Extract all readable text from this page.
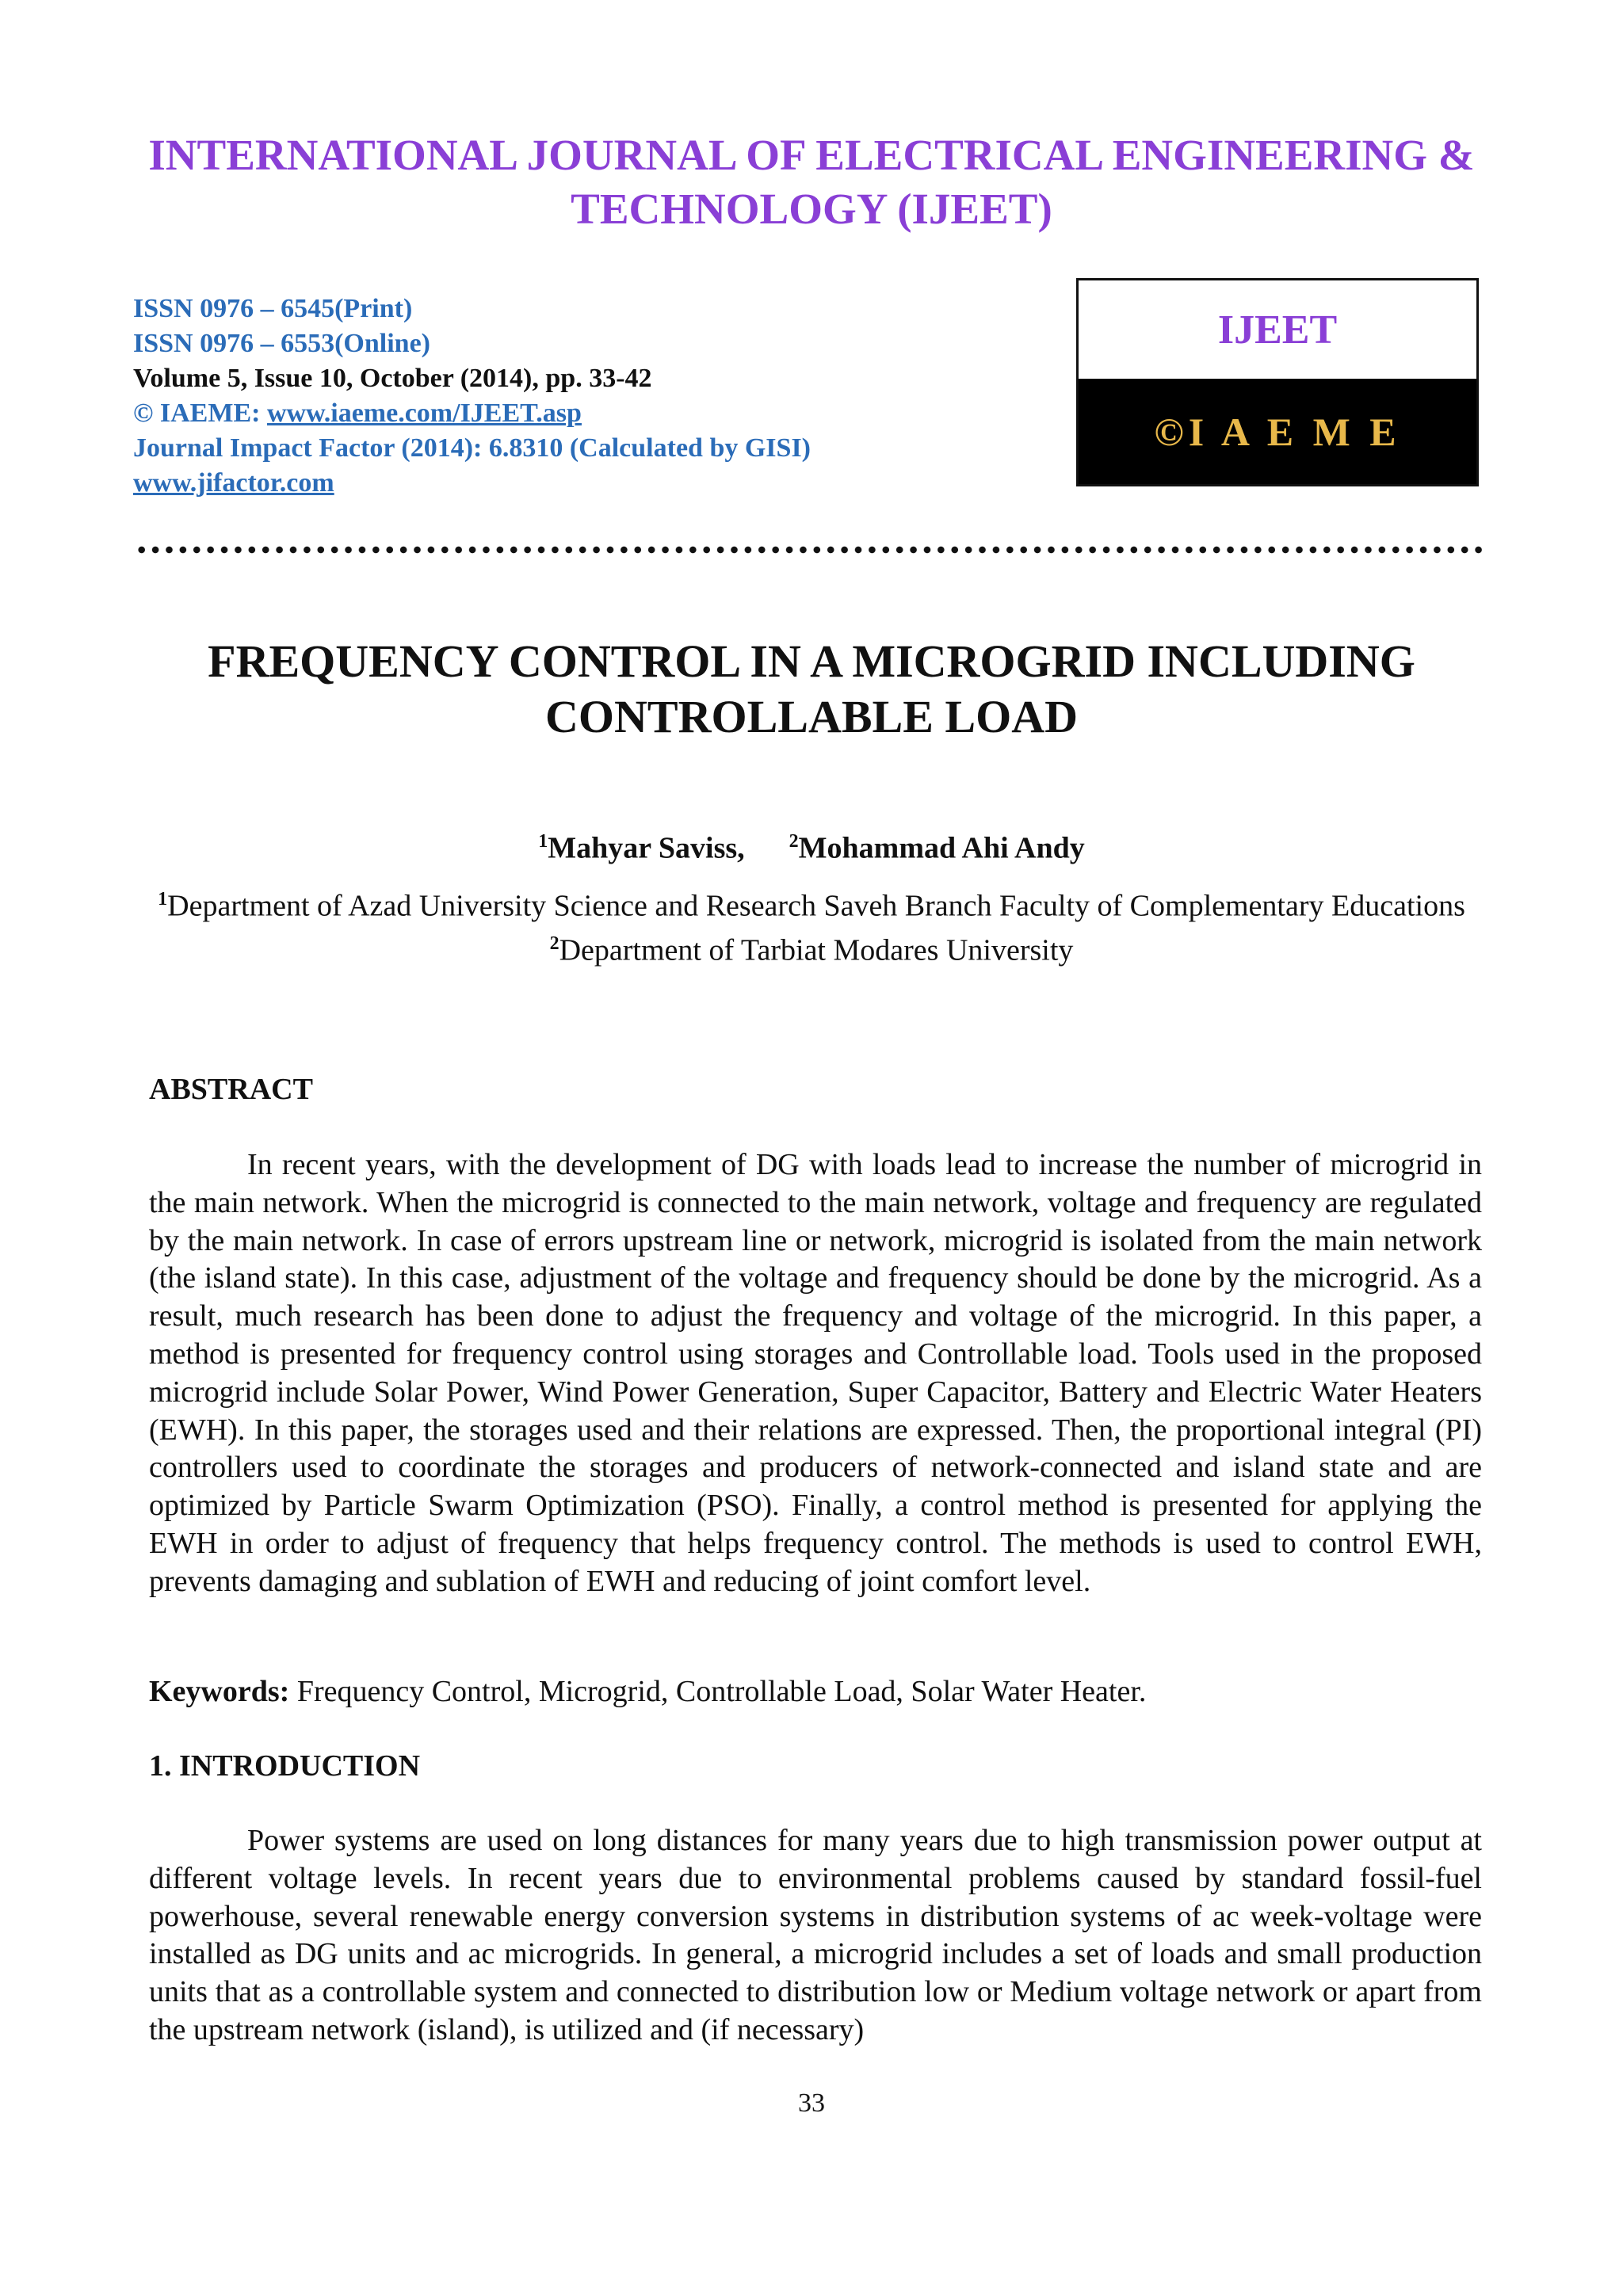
INTERNATIONAL JOURNAL OF ELECTRICAL ENGINEERING &
TECHNOLOGY (IJEET)
ISSN 0976 – 6545(Print)
ISSN 0976 – 6553(Online)
Volume 5, Issue 10, October (2014), pp. 33-42
© IAEME: www.iaeme.com/IJEET.asp
Journal Impact Factor (2014): 6.8310 (Calculated by GISI)
www.jifactor.com
IJEET
©I A E M E
FREQUENCY CONTROL IN A MICROGRID INCLUDING
CONTROLLABLE LOAD
$^1$Mahyar Saviss, $^2$Mohammad Ahi Andy
$^1$Department of Azad University Science and Research Saveh Branch Faculty of Complementary Educations
$^2$Department of Tarbiat Modares University
ABSTRACT

In recent years, with the development of DG with loads lead to increase the number of microgrid in the main network. When the microgrid is connected to the main network, voltage and frequency are regulated by the main network. In case of errors upstream line or network, microgrid is isolated from the main network (the island state). In this case, adjustment of the voltage and frequency should be done by the microgrid. As a result, much research has been done to adjust the frequency and voltage of the microgrid. In this paper, a method is presented for frequency control using storages and Controllable load. Tools used in the proposed microgrid include Solar Power, Wind Power Generation, Super Capacitor, Battery and Electric Water Heaters (EWH). In this paper, the storages used and their relations are expressed. Then, the proportional integral (PI) controllers used to coordinate the storages and producers of network-connected and island state and are optimized by Particle Swarm Optimization (PSO). Finally, a control method is presented for applying the EWH in order to adjust of frequency that helps frequency control. The methods is used to control EWH, prevents damaging and sublation of EWH and reducing of joint comfort level.

Keywords: Frequency Control, Microgrid, Controllable Load, Solar Water Heater.
1. INTRODUCTION

Power systems are used on long distances for many years due to high transmission power output at different voltage levels. In recent years due to environmental problems caused by standard fossil-fuel powerhouse, several renewable energy conversion systems in distribution systems of ac week-voltage were installed as DG units and ac microgrids. In general, a microgrid includes a set of loads and small production units that as a controllable system and connected to distribution low or Medium voltage network or apart from the upstream network (island), is utilized and (if necessary)

33
